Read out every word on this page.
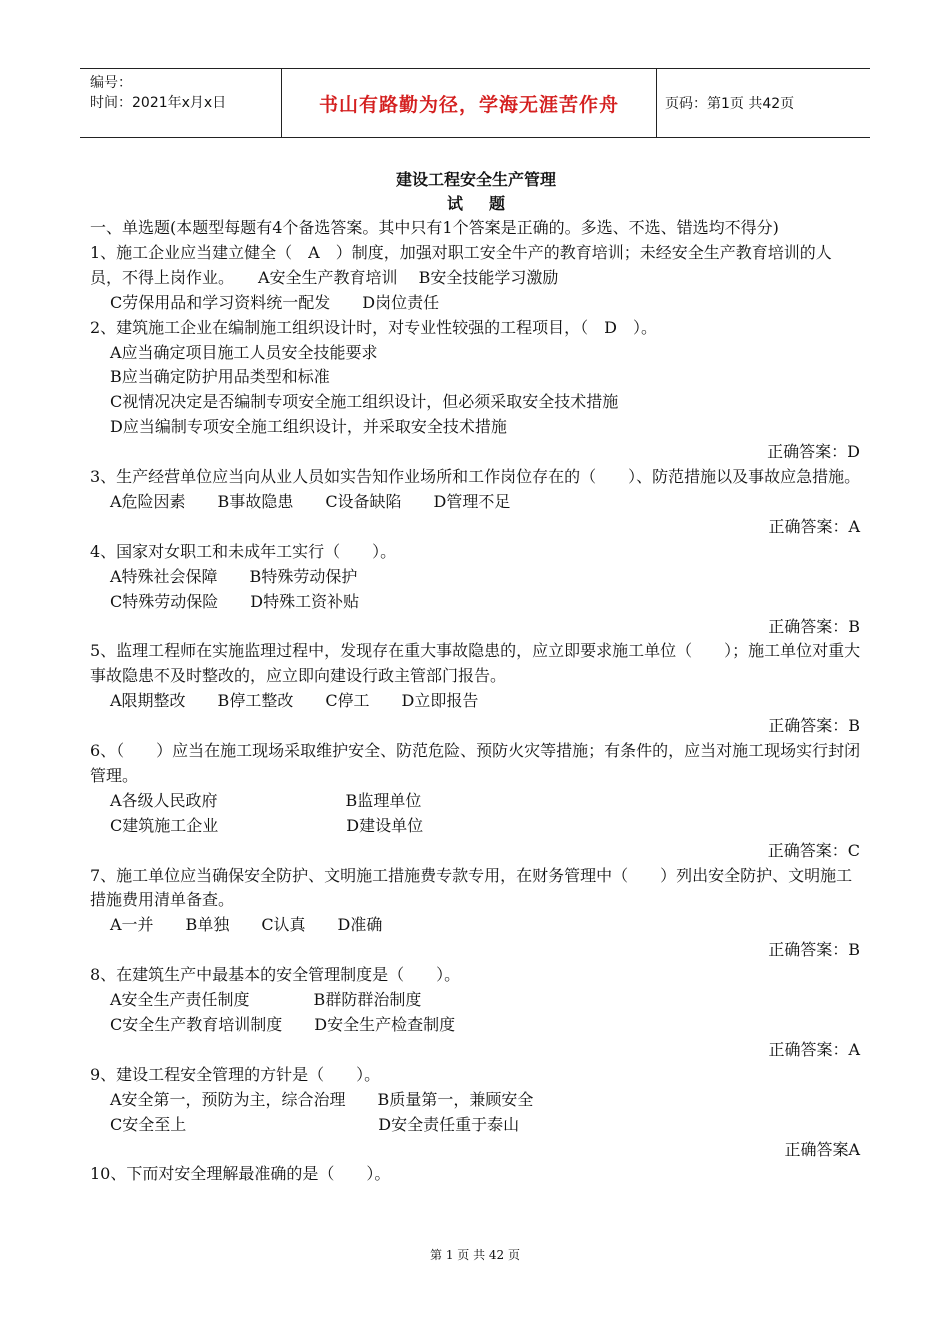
编号：
时间：2021年x月x日	书山有路勤为径，学海无涯苦作舟	页码：第1页 共42页
建设工程安全生产管理
试题

一、单选题(本题型每题有4个备选答案。其中只有1个答案是正确的。多选、不选、错选均不得分)

1、施工企业应当建立健全（　A　）制度，加强对职工安全牛产的教育培训；未经安全生产教育培训的人员，不得上岗作业。　　A安全生产教育培训　 B安全技能学习激励

C劳保用品和学习资料统一配发　　D岗位责任

2、建筑施工企业在编制施工组织设计时，对专业性较强的工程项目，（　D　）。

A应当确定项目施工人员安全技能要求

B应当确定防护用品类型和标准

C视情况决定是否编制专项安全施工组织设计，但必须采取安全技术措施

D应当编制专项安全施工组织设计，并采取安全技术措施

正确答案：D

3、生产经营单位应当向从业人员如实告知作业场所和工作岗位存在的（　　）、防范措施以及事故应急措施。

A危险因素　　B事故隐患　　C设备缺陷　　D管理不足

正确答案：A

4、国家对女职工和未成年工实行（　　）。

A特殊社会保障　　B特殊劳动保护

C特殊劳动保险　　D特殊工资补贴

正确答案：B

5、监理工程师在实施监理过程中，发现存在重大事故隐患的，应立即要求施工单位（　　）；施工单位对重大事故隐患不及时整改的，应立即向建设行政主管部门报告。

A限期整改　　B停工整改　　C停工　　D立即报告

正确答案：B

6、（　　）应当在施工现场采取维护安全、防范危险、预防火灾等措施；有条件的，应当对施工现场实行封闭管理。

A各级人民政府　　　　　　　　B监理单位

C建筑施工企业　　　　　　　　D建设单位

正确答案：C

7、施工单位应当确保安全防护、文明施工措施费专款专用，在财务管理中（　　）列出安全防护、文明施工措施费用清单备查。

A一并　　B单独　　C认真　　D准确

正确答案：B

8、在建筑生产中最基本的安全管理制度是（　　）。

A安全生产责任制度　　　　B群防群治制度

C安全生产教育培训制度　　D安全生产检查制度

正确答案：A

9、建设工程安全管理的方针是（　　）。

A安全第一，预防为主，综合治理　　B质量第一，兼顾安全

C安全至上　　　　　　　　　　　　D安全责任重于泰山

正确答案A

10、下而对安全理解最准确的是（　　）。

第 1 页 共 42 页
